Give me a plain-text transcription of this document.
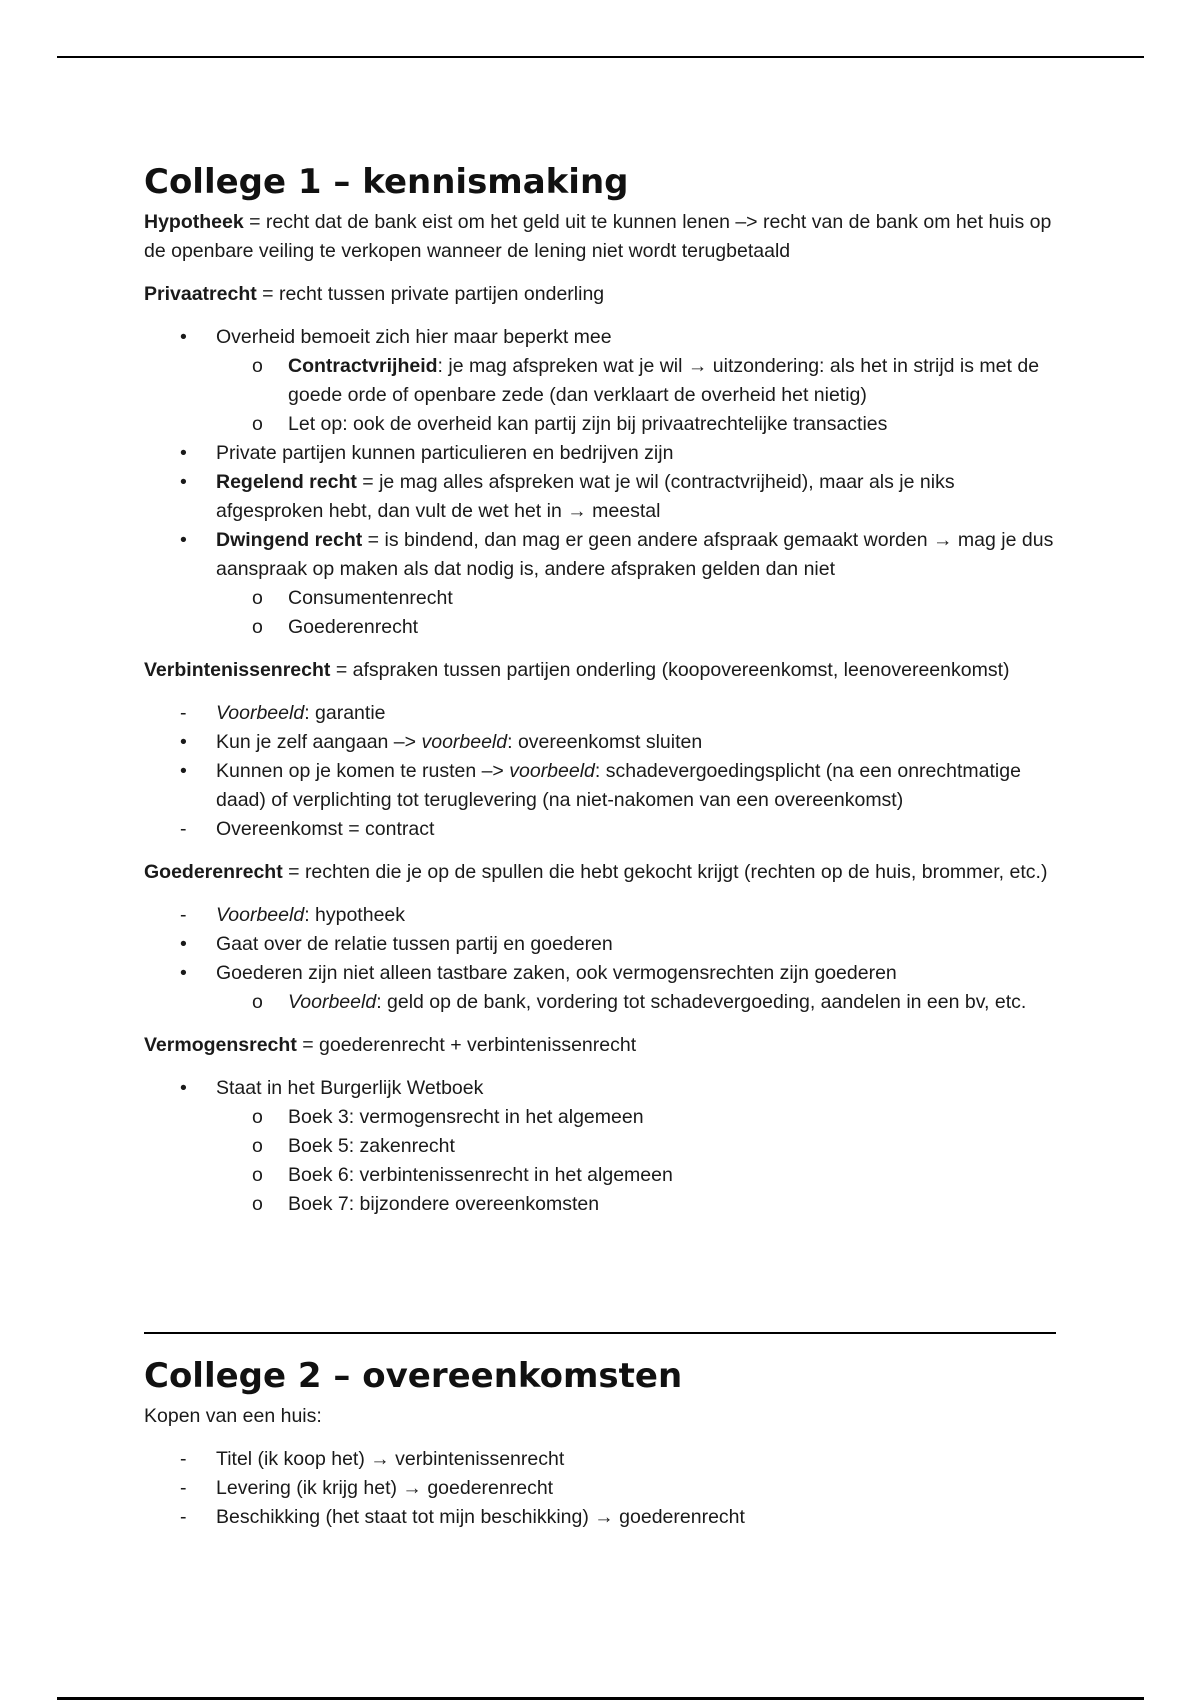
College 1 – kennismaking

Hypotheek = recht dat de bank eist om het geld uit te kunnen lenen –> recht van de bank om het huis op de openbare veiling te verkopen wanneer de lening niet wordt terugbetaald

Privaatrecht = recht tussen private partijen onderling

•
Overheid bemoeit zich hier maar beperkt mee
o
Contractvrijheid: je mag afspreken wat je wil → uitzondering: als het in strijd is met de goede orde of openbare zede (dan verklaart de overheid het nietig)
o
Let op: ook de overheid kan partij zijn bij privaatrechtelijke transacties
•
Private partijen kunnen particulieren en bedrijven zijn
•
Regelend recht = je mag alles afspreken wat je wil (contractvrijheid), maar als je niks afgesproken hebt, dan vult de wet het in → meestal
•
Dwingend recht = is bindend, dan mag er geen andere afspraak gemaakt worden → mag je dus aanspraak op maken als dat nodig is, andere afspraken gelden dan niet
o
Consumentenrecht
o
Goederenrecht

Verbintenissenrecht = afspraken tussen partijen onderling (koopovereenkomst, leenovereenkomst)

-
Voorbeeld: garantie
•
Kun je zelf aangaan –> voorbeeld: overeenkomst sluiten
•
Kunnen op je komen te rusten –> voorbeeld: schadevergoedingsplicht (na een onrechtmatige daad) of verplichting tot teruglevering (na niet-nakomen van een overeenkomst)
-
Overeenkomst = contract

Goederenrecht = rechten die je op de spullen die hebt gekocht krijgt (rechten op de huis, brommer, etc.)

-
Voorbeeld: hypotheek
•
Gaat over de relatie tussen partij en goederen
•
Goederen zijn niet alleen tastbare zaken, ook vermogensrechten zijn goederen
o
Voorbeeld: geld op de bank, vordering tot schadevergoeding, aandelen in een bv, etc.

Vermogensrecht = goederenrecht + verbintenissenrecht

•
Staat in het Burgerlijk Wetboek
o
Boek 3: vermogensrecht in het algemeen
o
Boek 5: zakenrecht
o
Boek 6: verbintenissenrecht in het algemeen
o
Boek 7: bijzondere overeenkomsten
College 2 – overeenkomsten

Kopen van een huis:

-
Titel (ik koop het) → verbintenissenrecht
-
Levering (ik krijg het) → goederenrecht
-
Beschikking (het staat tot mijn beschikking) → goederenrecht
